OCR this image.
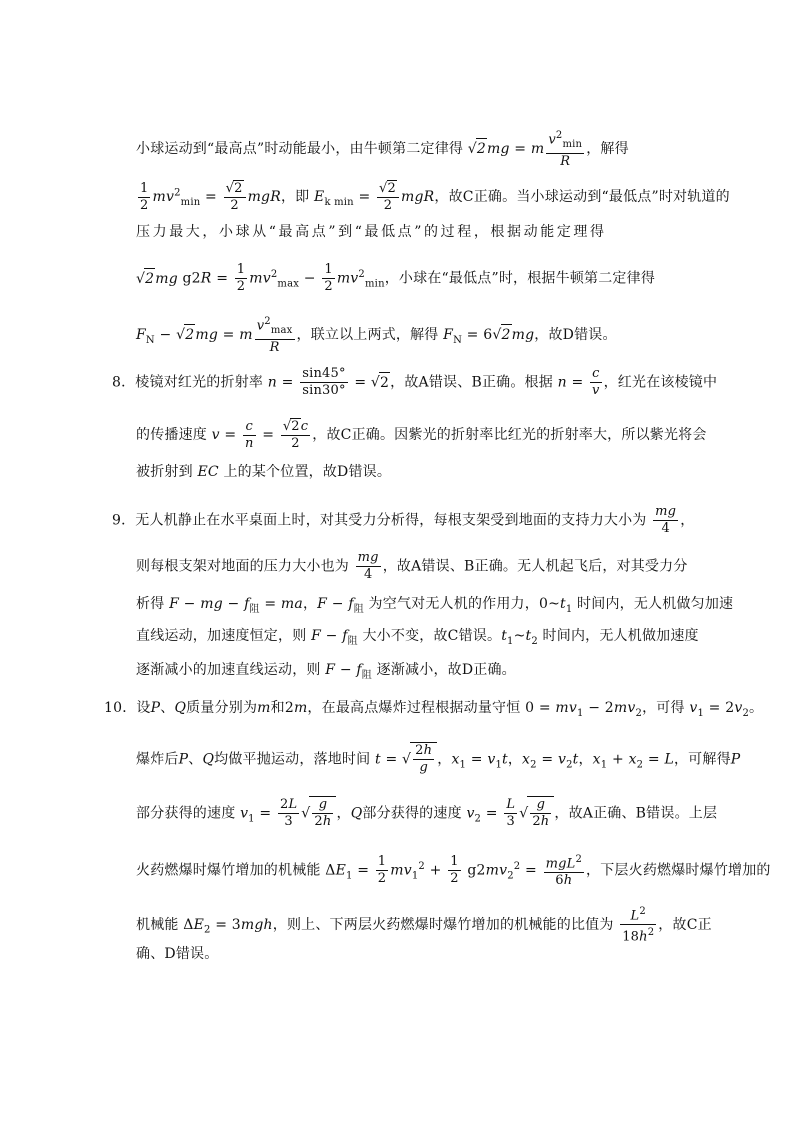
小球运动到“最高点”时动能最小，由牛顿第二定律得 √2mg = m
$v^2_{min}$
R
，解得
$\frac{1}{2} mv^2_{min} = \frac{√2}{2}$ mgR，即 $E_{k min} = \frac{√2}{2}$ mgR，故C正确。当小球运动到“最低点”时对轨道的
压力最大，小球从“最高点”到“最低点”的过程，根据动能定理得
√2mg $g2R = \frac{1}{2} mv^2_{max} - \frac{1}{2} mv^2_{min}$，小球在“最低点”时，根据牛顿第二定律得
$F_N - √2mg = m$
$v^2_{max}$
R
，联立以上两式，解得 $F_N = 6√2mg$，故D错误。
8．棱镜对红光的折射率 $n = \frac{\sin 45^\circ}{\sin 30^\circ} = √2$，故A错误、B正确。根据 $n = \frac{c}{v}$ ，红光在该棱镜中
的传播速度 $v = \frac{c}{n} = \frac{√2c}{2}$ ，故C正确。因紫光的折射率比红光的折射率大，所以紫光将会
被折射到 EC 上的某个位置，故D错误。
9．无人机静止在水平桌面上时，对其受力分析得，每根支架受到地面的支持力大小为 $\frac{mg}{4}$ ，
则每根支架对地面的压力大小也为 $\frac{mg}{4}$ ，故A错误、B正确。无人机起飞后，对其受力分
析得 F − mg − $f_阻$ = ma，$F - f_阻$ 为空气对无人机的作用力，$0\sim t_1$ 时间内，无人机做匀加速
直线运动，加速度恒定，则 $F - f_阻$ 大小不变，故C错误。$t_1\sim t_2$ 时间内，无人机做加速度
逐渐减小的加速直线运动，则 $F - f_阻$ 逐渐减小，故D正确。
10．设P、Q质量分别为m和2m，在最高点爆炸过程根据动量守恒 $0 = mv_1 - 2mv_2$，可得 $v_1 = 2v_2$。
爆炸后P、Q均做平抛运动，落地时间 t = √ $\frac{2h}{g}$ ，$x_1 = v_1t$，$x_2 = v_2t$，$x_1 + x_2 = L$，可解得P
部分获得的速度 $v_1 = \frac{2L}{3}$ √ $\frac{g}{2h}$ ，Q部分获得的速度 $v_2 = \frac{L}{3}$ √ $\frac{g}{2h}$ ，故A正确、B错误。上层
火药燃爆时爆竹增加的机械能 $\Delta E_1 = \frac{1}{2} mv_1^2 + \frac{1}{2} g2mv_2^2 = mgL^2$
6h
，下层火药燃爆时爆竹增加的
机械能 $\Delta E_2 = 3mgh$，则上、下两层火药燃爆时爆竹增加的机械能的比值为 $\frac{L^2}{18h^2}$ ，故C正
确、D错误。
